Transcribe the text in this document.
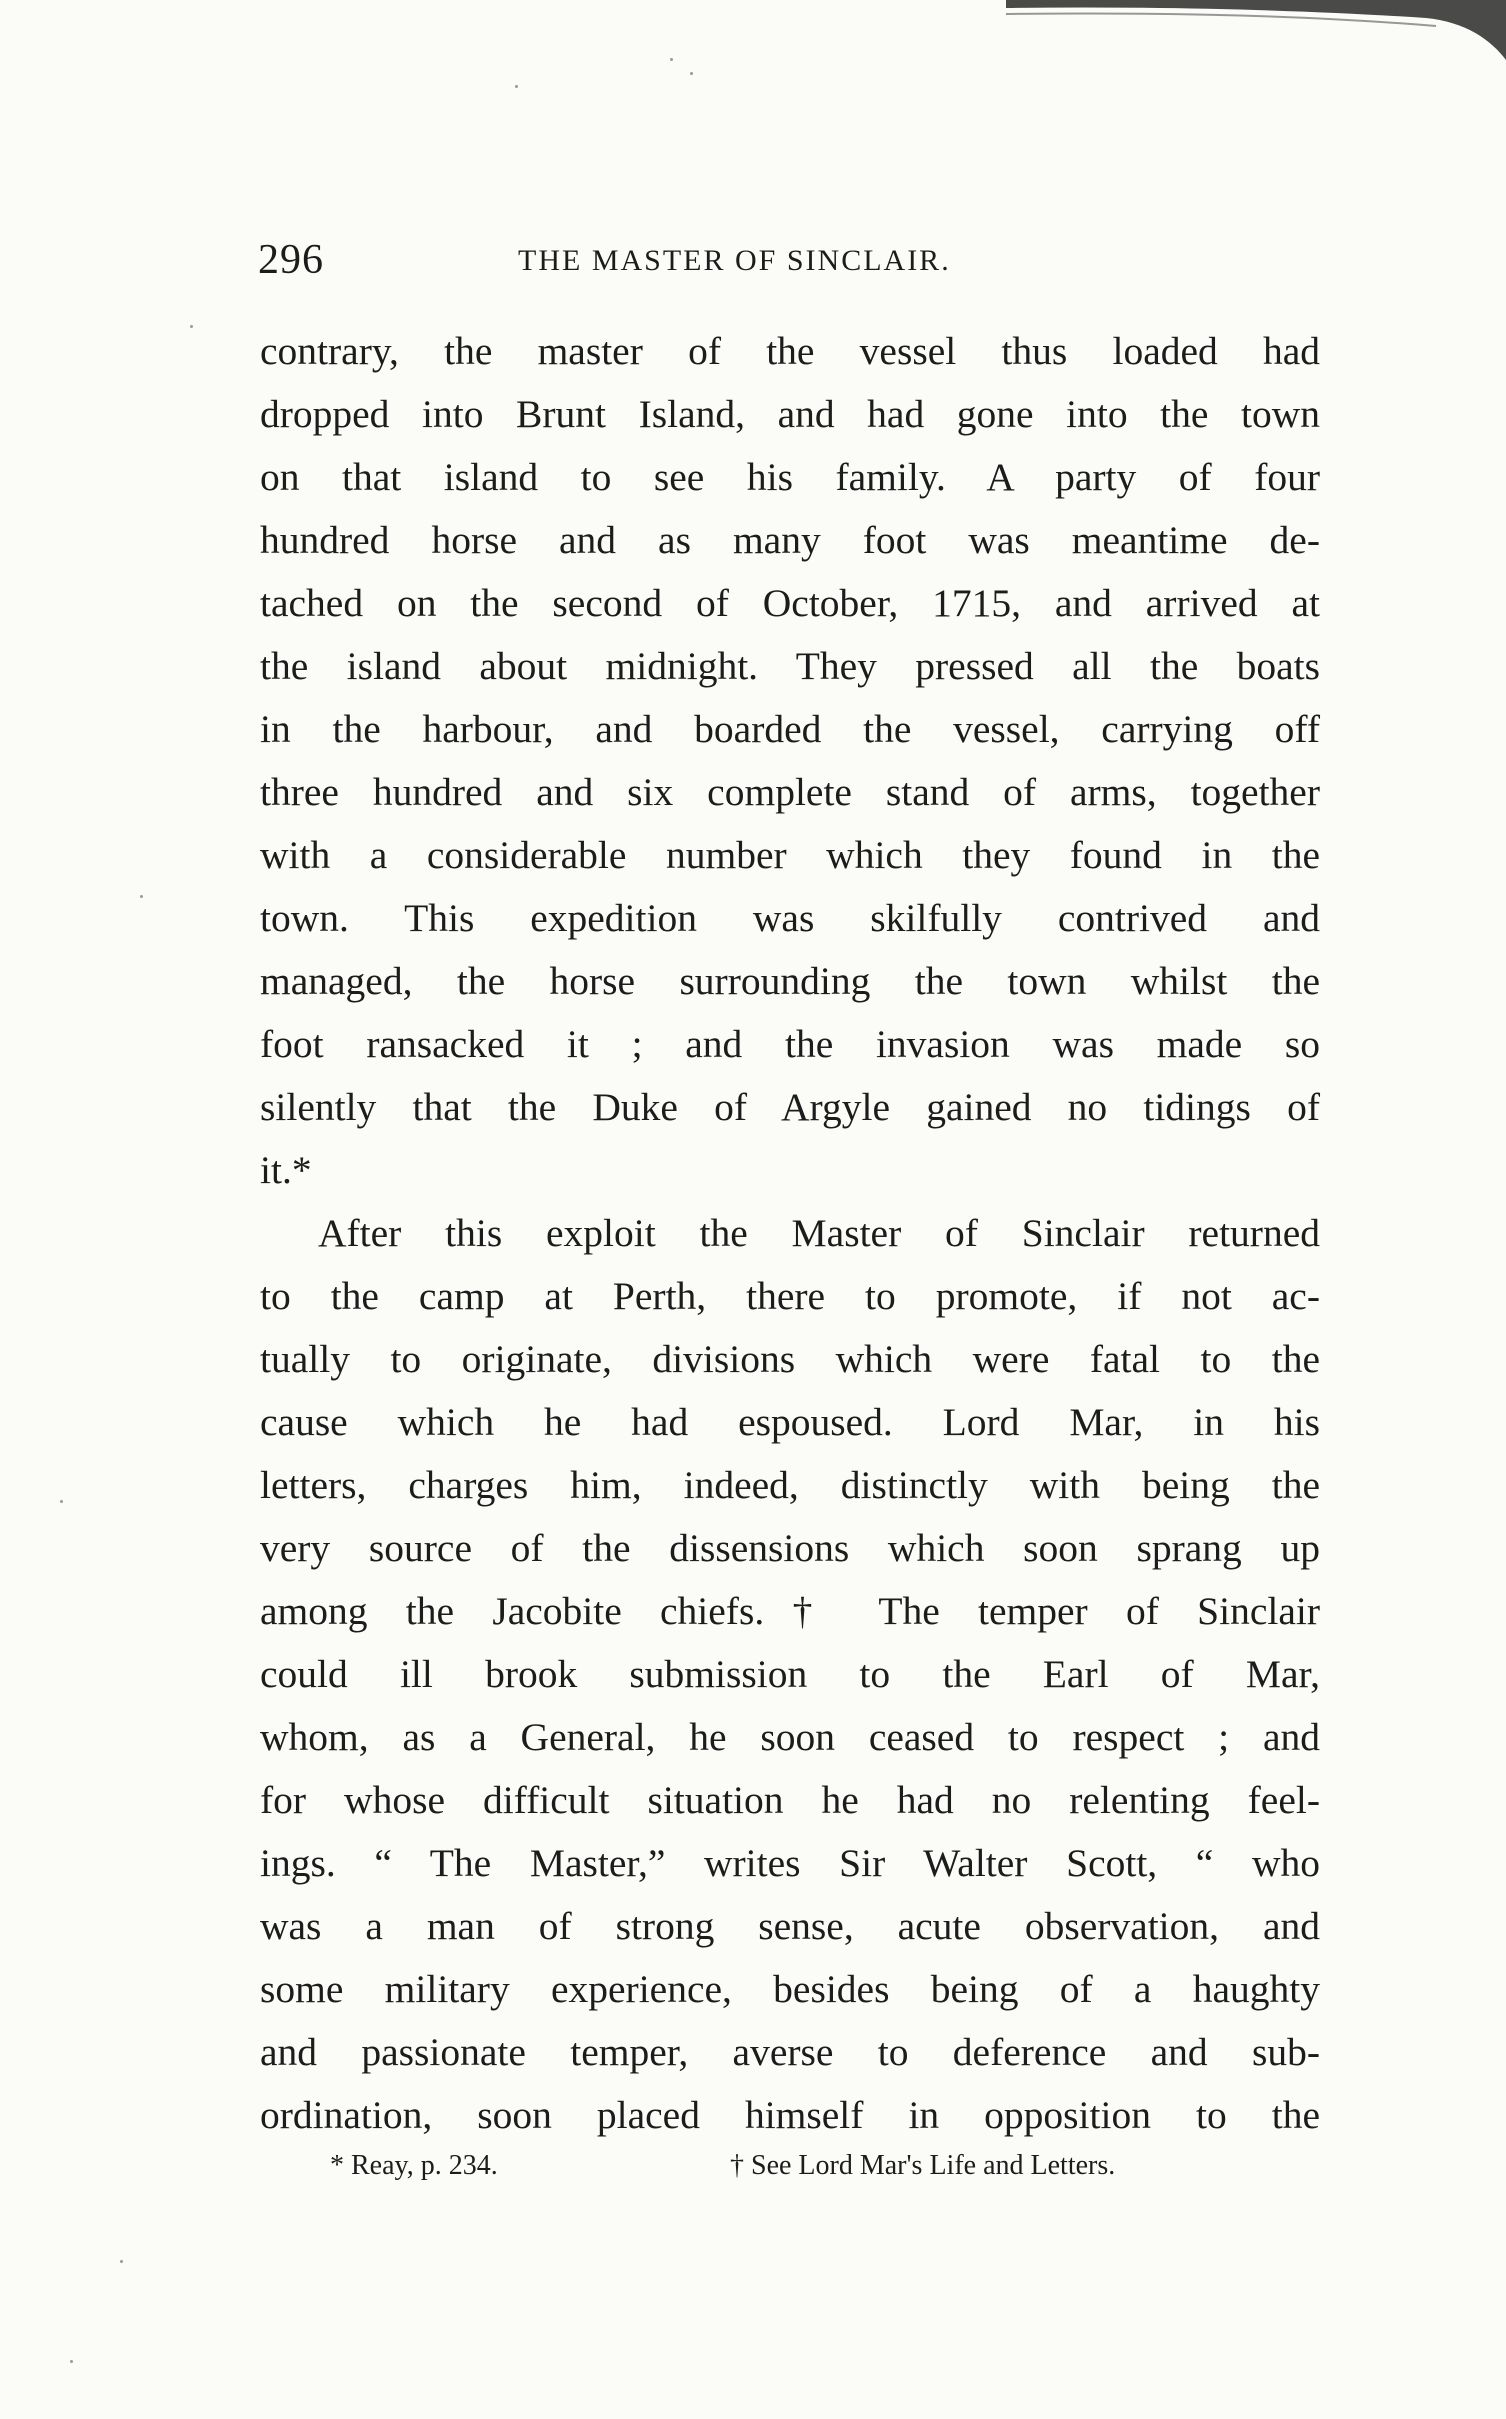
296	THE MASTER OF SINCLAIR.
contrary, the master of the vessel thus loaded had
dropped into Brunt Island, and had gone into the town
on that island to see his family. A party of four
hundred horse and as many foot was meantime de-
tached on the second of October, 1715, and arrived at
the island about midnight. They pressed all the boats
in the harbour, and boarded the vessel, carrying off
three hundred and six complete stand of arms, together
with a considerable number which they found in the
town. This expedition was skilfully contrived and
managed, the horse surrounding the town whilst the
foot ransacked it ; and the invasion was made so
silently that the Duke of Argyle gained no tidings of
it.*
After this exploit the Master of Sinclair returned
to the camp at Perth, there to promote, if not ac-
tually to originate, divisions which were fatal to the
cause which he had espoused. Lord Mar, in his
letters, charges him, indeed, distinctly with being the
very source of the dissensions which soon sprang up
among the Jacobite chiefs.† The temper of Sinclair
could ill brook submission to the Earl of Mar,
whom, as a General, he soon ceased to respect ; and
for whose difficult situation he had no relenting feel-
ings. “ The Master,” writes Sir Walter Scott, “ who
was a man of strong sense, acute observation, and
some military experience, besides being of a haughty
and passionate temper, averse to deference and sub-
ordination, soon placed himself in opposition to the
* Reay, p. 234.	† See Lord Mar's Life and Letters.
